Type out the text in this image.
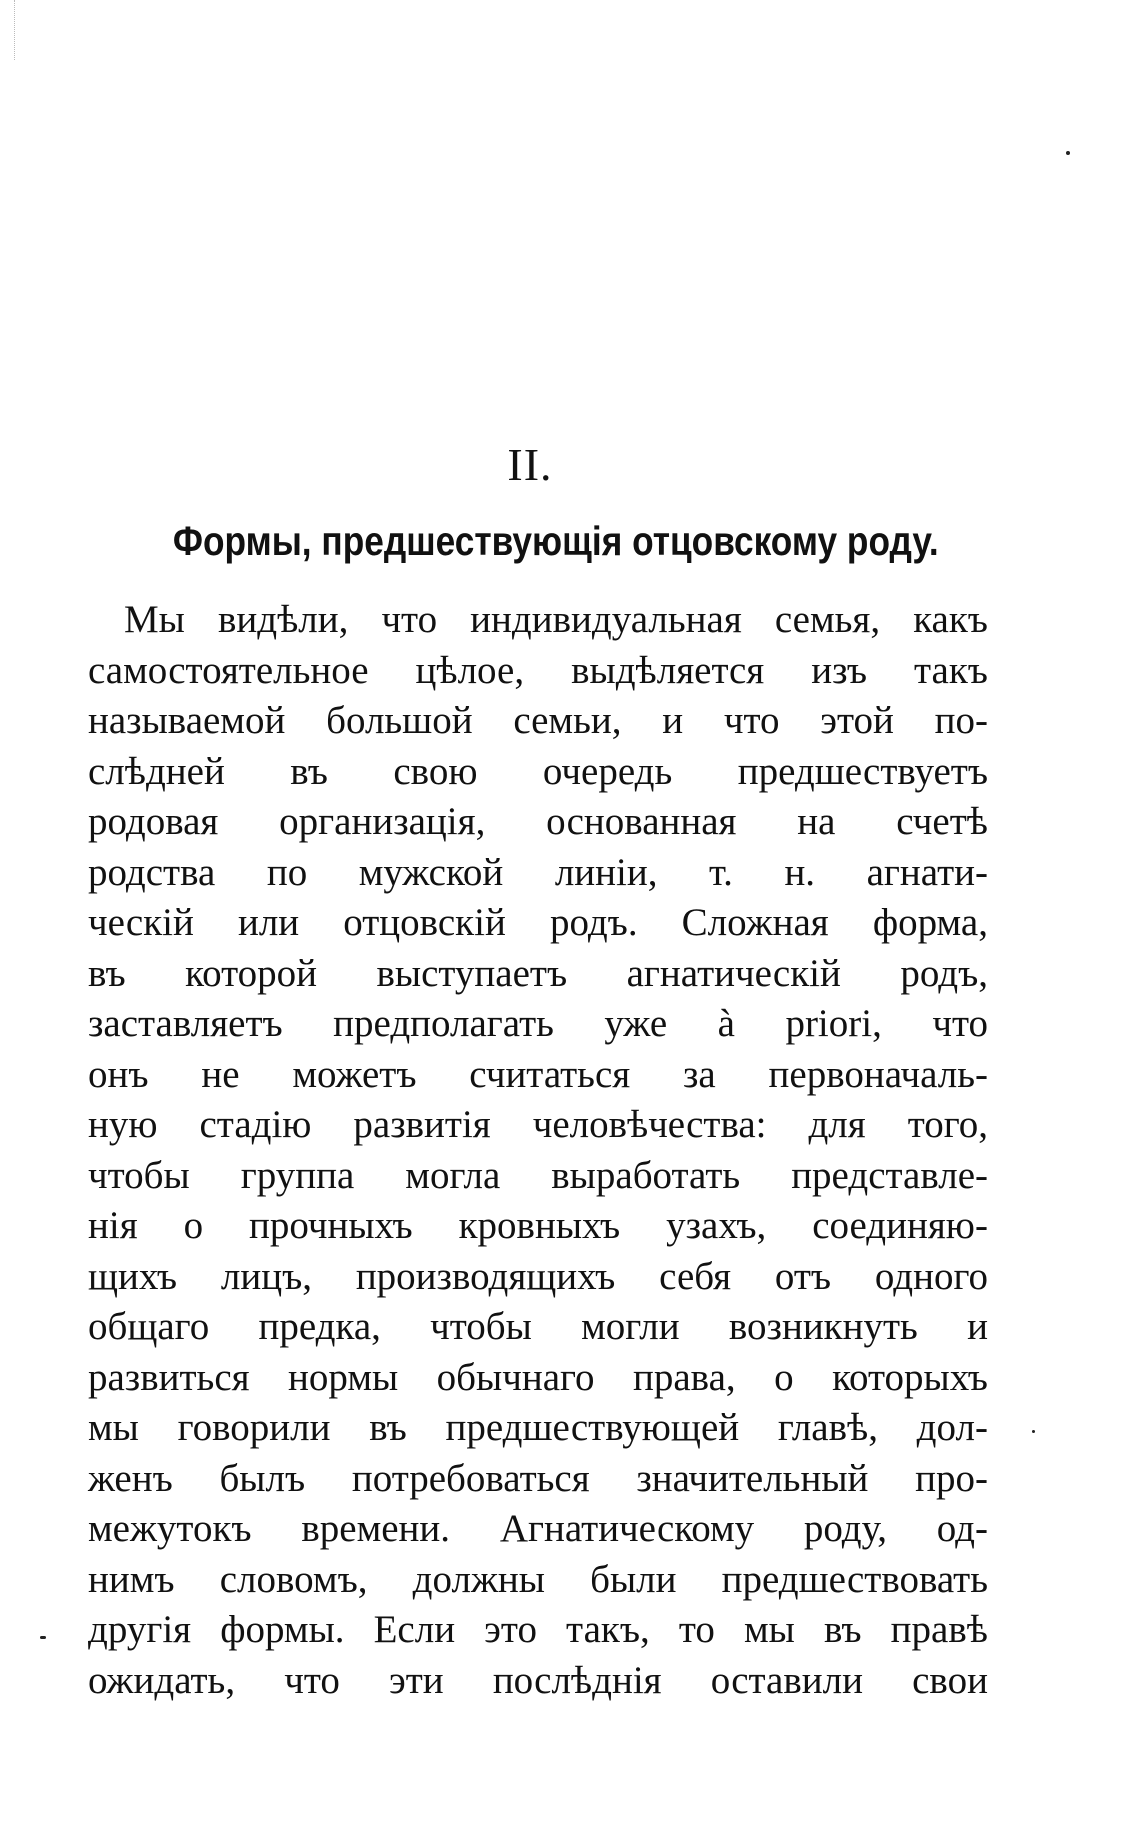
II.
Формы, предшествующія отцовскому роду.
Мы видѣли, что индивидуальная семья, какъ
самостоятельное цѣлое, выдѣляется изъ такъ
называемой большой семьи, и что этой по-
слѣдней въ свою очередь предшествуетъ
родовая организація, основанная на счетѣ
родства по мужской линіи, т. н. агнати-
ческій или отцовскій родъ. Сложная форма,
въ которой выступаетъ агнатическій родъ,
заставляетъ предполагать уже à priori, что
онъ не можетъ считаться за первоначаль-
ную стадію развитія человѣчества: для того,
чтобы группа могла выработать представле-
нія о прочныхъ кровныхъ узахъ, соединяю-
щихъ лицъ, производящихъ себя отъ одного
общаго предка, чтобы могли возникнуть и
развиться нормы обычнаго права, о которыхъ
мы говорили въ предшествующей главѣ, дол-
женъ былъ потребоваться значительный про-
межутокъ времени. Агнатическому роду, од-
нимъ словомъ, должны были предшествовать
другія формы. Если это такъ, то мы въ правѣ
ожидать, что эти послѣднія оставили свои
